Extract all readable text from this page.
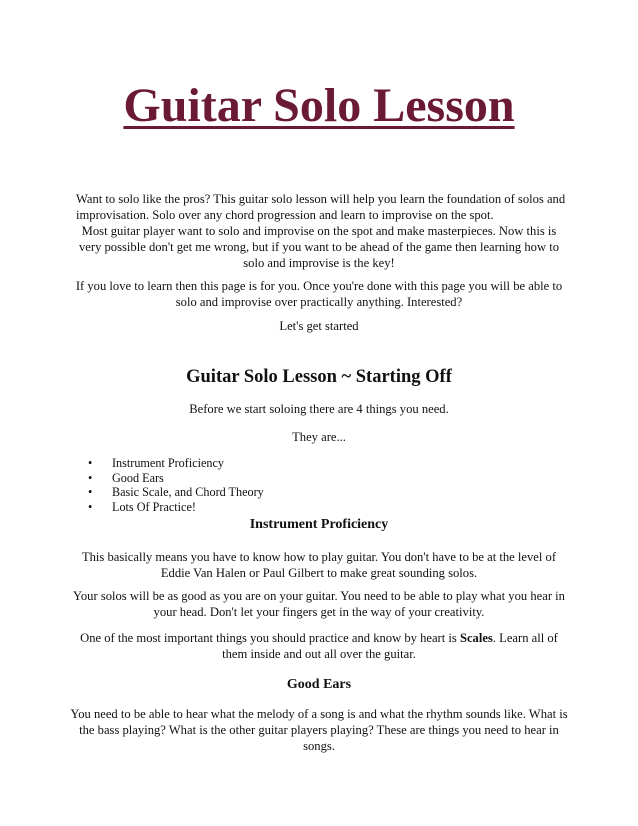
Guitar Solo Lesson

Want to solo like the pros? This guitar solo lesson will help you learn the foundation of solos and

improvisation. Solo over any chord progression and learn to improvise on the spot.

Most guitar player want to solo and improvise on the spot and make masterpieces. Now this is very possible don't get me wrong, but if you want to be ahead of the game then learning how to solo and improvise is the key!

If you love to learn then this page is for you. Once you're done with this page you will be able to solo and improvise over practically anything. Interested?

Let's get started

Guitar Solo Lesson ~ Starting Off

Before we start soloing there are 4 things you need.

They are...

• Instrument Proficiency
• Good Ears
• Basic Scale, and Chord Theory
• Lots Of Practice!
Instrument Proficiency

This basically means you have to know how to play guitar. You don't have to be at the level of Eddie Van Halen or Paul Gilbert to make great sounding solos.

Your solos will be as good as you are on your guitar. You need to be able to play what you hear in your head. Don't let your fingers get in the way of your creativity.

One of the most important things you should practice and know by heart is Scales. Learn all of them inside and out all over the guitar.

Good Ears

You need to be able to hear what the melody of a song is and what the rhythm sounds like. What is the bass playing? What is the other guitar players playing? These are things you need to hear in songs.
